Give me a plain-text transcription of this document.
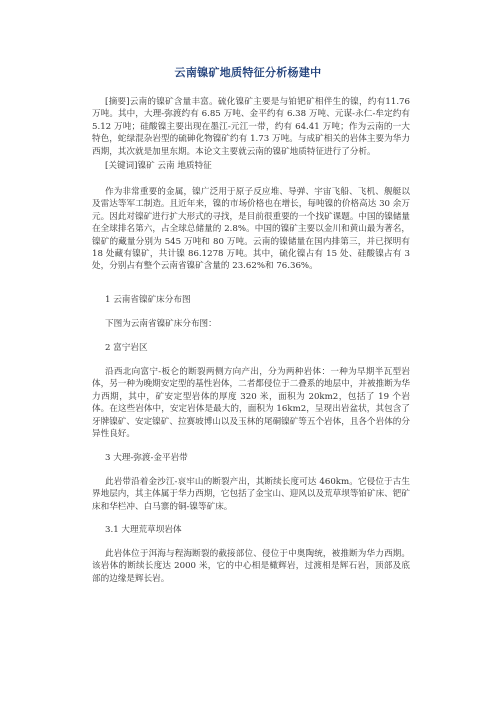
云南镍矿地质特征分析杨建中

[摘要]云南的镍矿含量丰富。硫化镍矿主要是与铂钯矿相伴生的镍，约有11.76 万吨。其中，大理-弥渡约有 6.85 万吨、金平约有 6.38 万吨、元谋-永仁-牟定约有 5.12 万吨；硅酸镍主要出现在墨江-元江一带，约有 64.41 万吨；作为云南的一大特色，蛇绿混杂岩型的硫砷化物镍矿约有 1.73 万吨。与成矿相关的岩体主要为华力西期，其次就是加里东期。本论文主要就云南的镍矿地质特征进行了分析。

[关键词]镍矿 云南 地质特征

作为非常重要的金属，镍广泛用于原子反应堆、导弹、宇宙飞船、飞机、舰艇以及雷达等军工制造。且近年来，镍的市场价格也在增长，每吨镍的价格高达 30 余万元。因此对镍矿进行扩大形式的寻找，是目前很重要的一个找矿课题。中国的镍储量在全球排名第六，占全球总储量的 2.8%。中国的镍矿主要以金川和黄山最为著名，镍矿的藏量分别为 545 万吨和 80 万吨。云南的镍储量在国内排第三，并已探明有 18 处藏有镍矿，共计镍 86.1278 万吨。其中，硫化镍占有 15 处、硅酸镍占有 3 处，分别占有整个云南省镍矿含量的 23.62%和 76.36%。

1 云南省镍矿床分布图

下图为云南省镍矿床分布图：

2 富宁岩区

沿西北向富宁-板仑的断裂两侧方向产出，分为两种岩体：一种为早期半瓦型岩体，另一种为晚期安定型的基性岩体，二者都侵位于二叠系的地层中，并被推断为华力西期，其中，矿安定型岩体的厚度 320 米，面积为 20km2，包括了 19 个岩体。在这些岩体中，安定岩体是最大的，面积为 16km2，呈现出岩盆状，其包含了牙牌镍矿、安定镍矿、拉赛坡博山以及玉林的尾硐镍矿等五个岩体，且各个岩体的分异性良好。

3 大理-弥渡-金平岩带

此岩带沿着金沙江-哀牢山的断裂产出，其断续长度可达 460km。它侵位于古生界地层内，其主体属于华力西期，它包括了金宝山、迎风以及荒草坝等铂矿床、钯矿床和华栏冲、白马寨的铜-镍等矿床。

3.1 大理荒草坝岩体

此岩体位于洱海与程海断裂的截接部位、侵位于中奥陶统，被推断为华力西期。该岩体的断续长度达 2000 米，它的中心相是橄辉岩，过渡相是辉石岩，顶部及底部的边缘是辉长岩。
